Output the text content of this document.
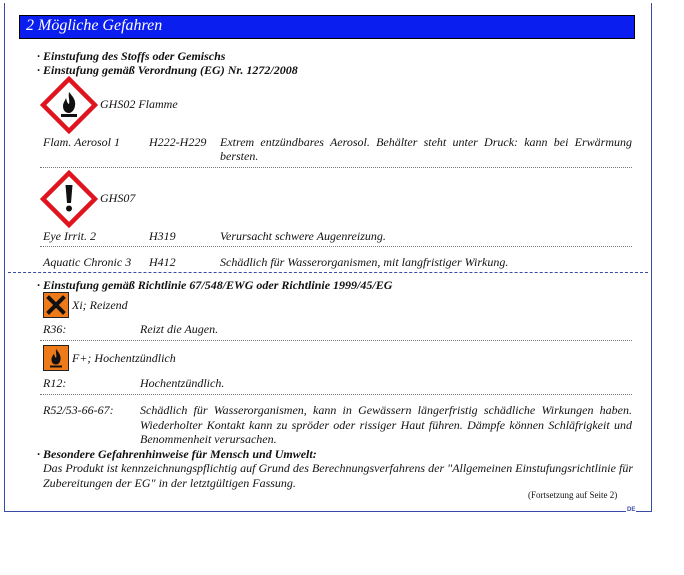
2 Mögliche Gefahren
· Einstufung des Stoffs oder Gemischs
· Einstufung gemäß Verordnung (EG) Nr. 1272/2008
GHS02 Flamme
Flam. Aerosol 1 H222-H229 Extrem entzündbares Aerosol. Behälter steht unter Druck: kann bei Erwärmung bersten.
GHS07
Eye Irrit. 2	H319	Verursacht schwere Augenreizung.
Aquatic Chronic 3 H412	Schädlich für Wasserorganismen, mit langfristiger Wirkung.
· Einstufung gemäß Richtlinie 67/548/EWG oder Richtlinie 1999/45/EG
Xi; Reizend
R36:	Reizt die Augen.
F+; Hochentzündlich
R12:	Hochentzündlich.
R52/53-66-67: Schädlich für Wasserorganismen, kann in Gewässern längerfristig schädliche Wirkungen haben. Wiederholter Kontakt kann zu spröder oder rissiger Haut führen. Dämpfe können Schläfrigkeit und Benommenheit verursachen.
· Besondere Gefahrenhinweise für Mensch und Umwelt:
Das Produkt ist kennzeichnungspflichtig auf Grund des Berechnungsverfahrens der "Allgemeinen Einstufungsrichtlinie für Zubereitungen der EG" in der letztgültigen Fassung.
(Fortsetzung auf Seite 2)
DE
